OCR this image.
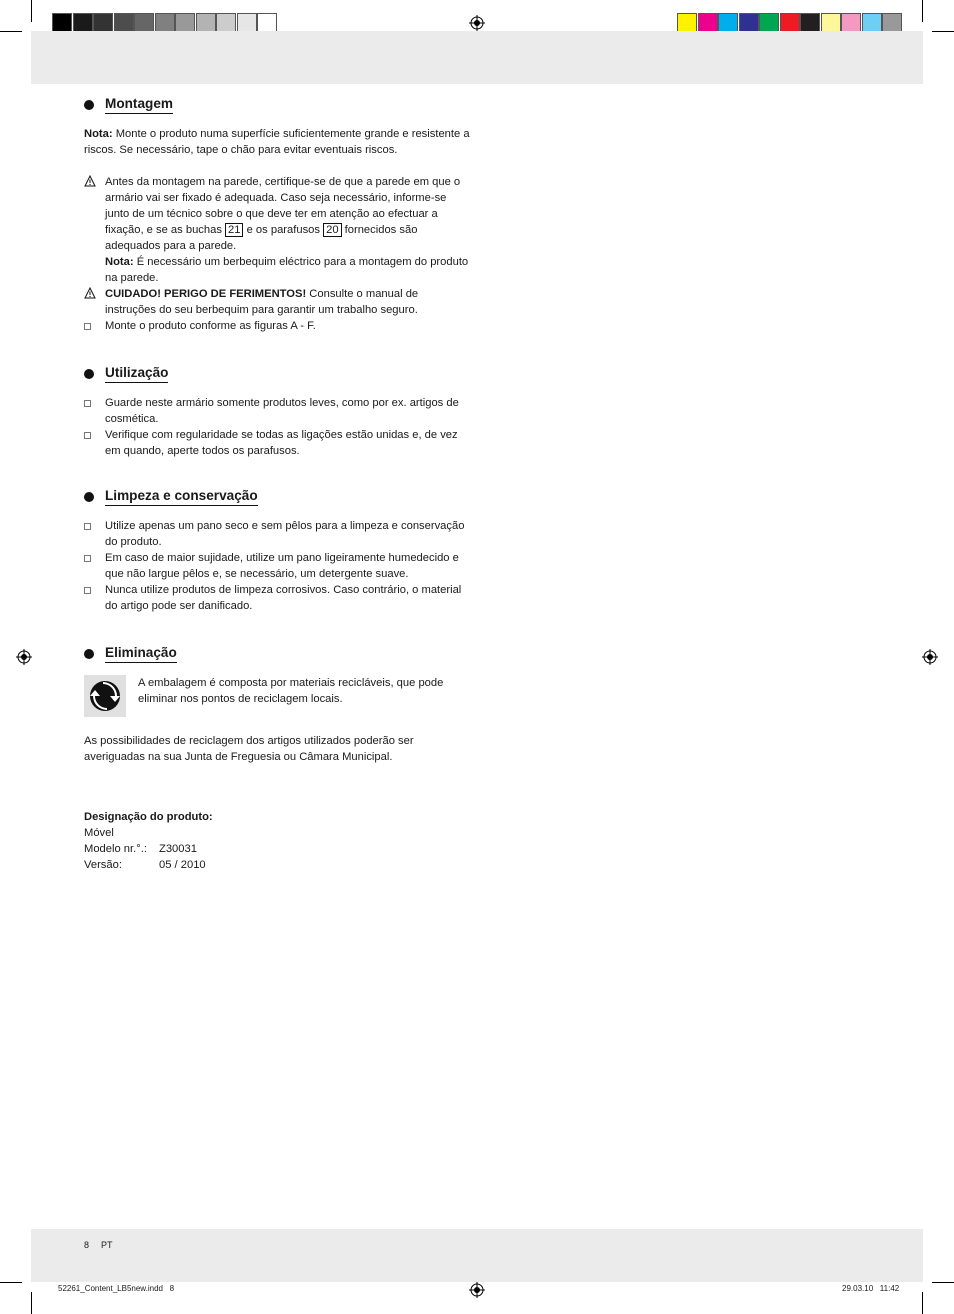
Montagem

Nota: Monte o produto numa superfície suficientemente grande e resistente a riscos. Se necessário, tape o chão para evitar eventuais riscos.

Antes da montagem na parede, certifique-se de que a parede em que o armário vai ser fixado é adequada. Caso seja necessário, informe-se junto de um técnico sobre o que deve ter em atenção ao efectuar a fixação, e se as buchas 21 e os parafusos 20 fornecidos são adequados para a parede.
Nota: É necessário um berbequim eléctrico para a montagem do produto na parede.
CUIDADO! PERIGO DE FERIMENTOS! Consulte o manual de instruções do seu berbequim para garantir um trabalho seguro.
Monte o produto conforme as figuras A - F.
Utilização
Guarde neste armário somente produtos leves, como por ex. artigos de cosmética.
Verifique com regularidade se todas as ligações estão unidas e, de vez em quando, aperte todos os parafusos.
Limpeza e conservação
Utilize apenas um pano seco e sem pêlos para a limpeza e conservação do produto.
Em caso de maior sujidade, utilize um pano ligeiramente humedecido e que não largue pêlos e, se necessário, um detergente suave.
Nunca utilize produtos de limpeza corrosivos. Caso contrário, o material do artigo pode ser danificado.
Eliminação
A embalagem é composta por materiais recicláveis, que pode eliminar nos pontos de reciclagem locais.

As possibilidades de reciclagem dos artigos utilizados poderão ser averiguadas na sua Junta de Freguesia ou Câmara Municipal.

Designação do produto:
Móvel
Modelo nr.°.:	Z30031
Versão:	05 / 2010
8 PT
52261_Content_LB5new.indd   8	29.03.10   11:42
